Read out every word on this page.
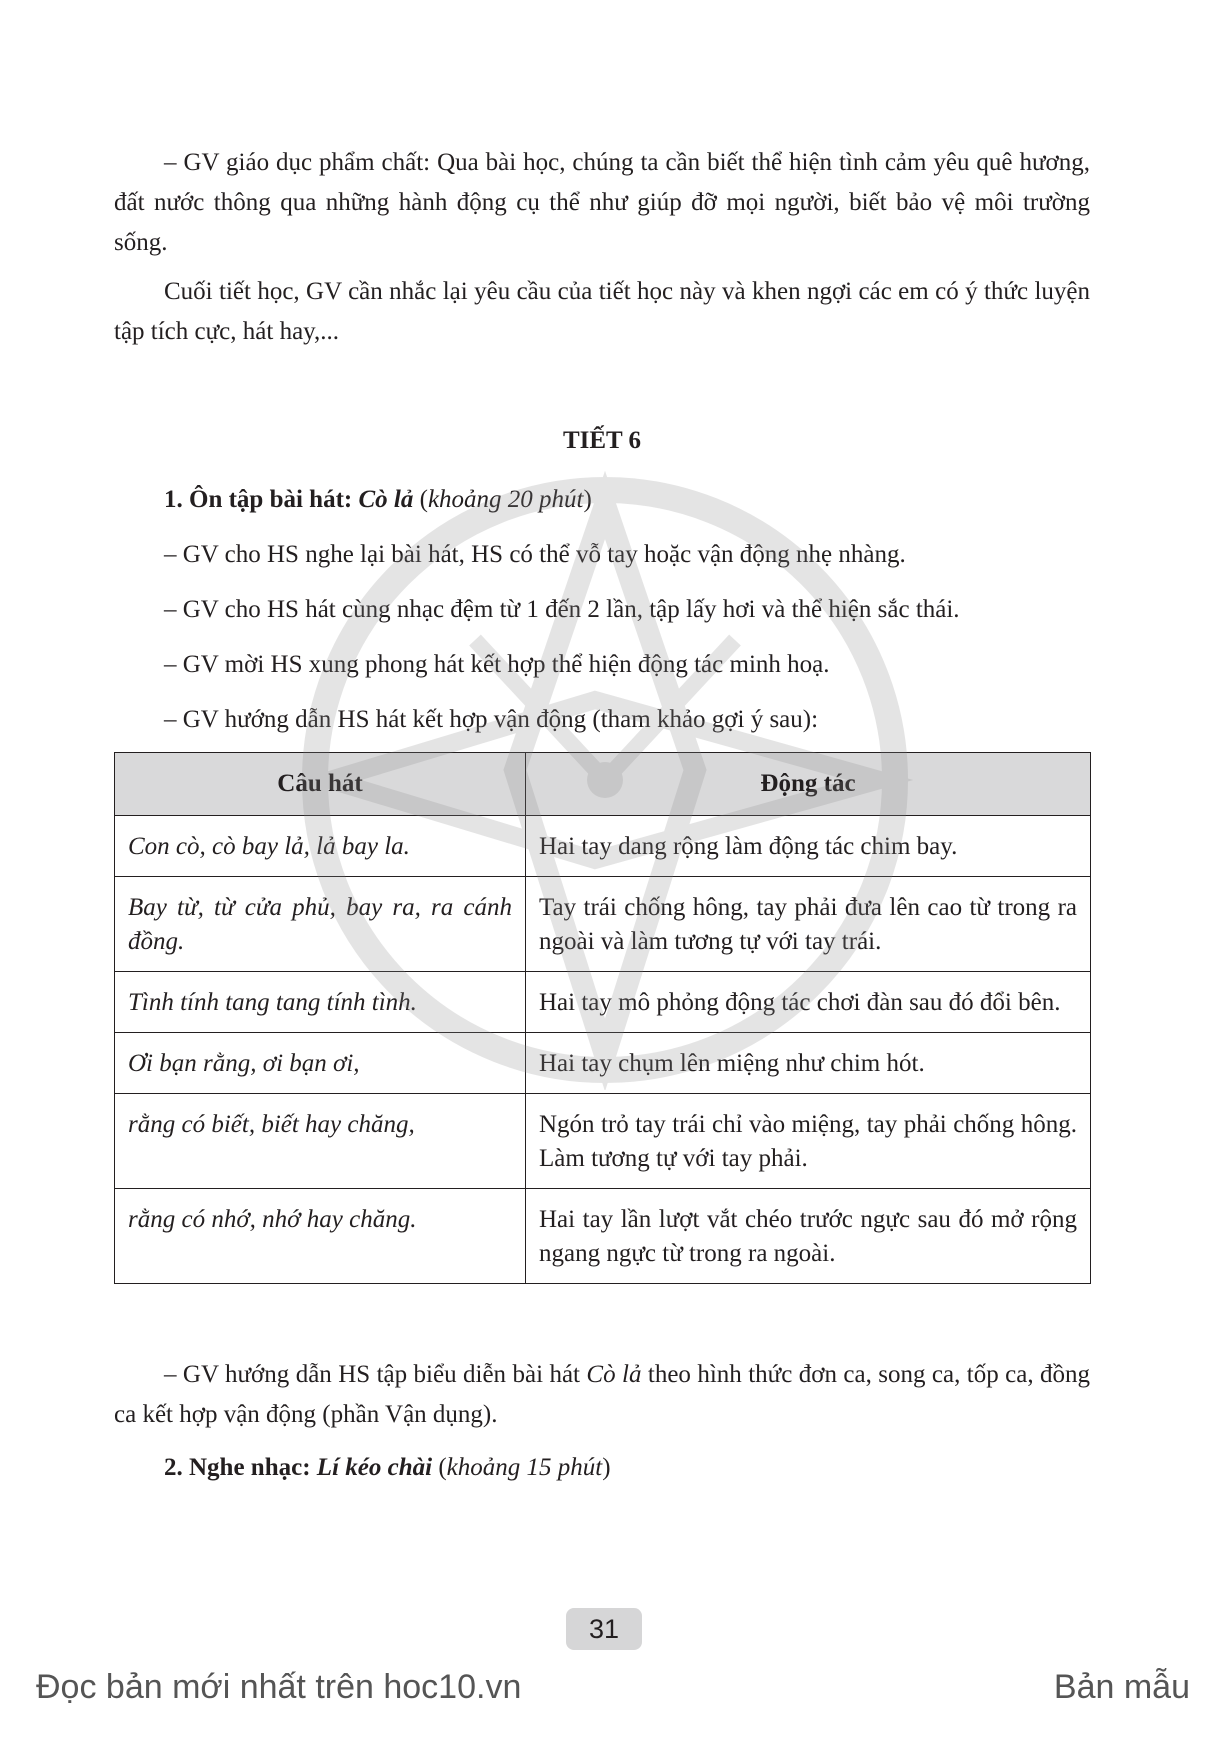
– GV giáo dục phẩm chất: Qua bài học, chúng ta cần biết thể hiện tình cảm yêu quê hương, đất nước thông qua những hành động cụ thể như giúp đỡ mọi người, biết bảo vệ môi trường sống.

Cuối tiết học, GV cần nhắc lại yêu cầu của tiết học này và khen ngợi các em có ý thức luyện tập tích cực, hát hay,...

TIẾT 6
1. Ôn tập bài hát: Cò lả (khoảng 20 phút)
– GV cho HS nghe lại bài hát, HS có thể vỗ tay hoặc vận động nhẹ nhàng.
– GV cho HS hát cùng nhạc đệm từ 1 đến 2 lần, tập lấy hơi và thể hiện sắc thái.
– GV mời HS xung phong hát kết hợp thể hiện động tác minh hoạ.
– GV hướng dẫn HS hát kết hợp vận động (tham khảo gợi ý sau):
Câu hát	Động tác
Con cò, cò bay lả, lả bay la.	Hai tay dang rộng làm động tác chim bay.
Bay từ, từ cửa phủ, bay ra, ra cánh đồng.	Tay trái chống hông, tay phải đưa lên cao từ trong ra ngoài và làm tương tự với tay trái.
Tình tính tang tang tính tình.	Hai tay mô phỏng động tác chơi đàn sau đó đổi bên.
Ơi bạn rằng, ơi bạn ơi,	Hai tay chụm lên miệng như chim hót.
rằng có biết, biết hay chăng,	Ngón trỏ tay trái chỉ vào miệng, tay phải chống hông. Làm tương tự với tay phải.
rằng có nhớ, nhớ hay chăng.	Hai tay lần lượt vắt chéo trước ngực sau đó mở rộng ngang ngực từ trong ra ngoài.

– GV hướng dẫn HS tập biểu diễn bài hát Cò lả theo hình thức đơn ca, song ca, tốp ca, đồng ca kết hợp vận động (phần Vận dụng).

2. Nghe nhạc: Lí kéo chài (khoảng 15 phút)
31
Đọc bản mới nhất trên hoc10.vn	Bản mẫu
